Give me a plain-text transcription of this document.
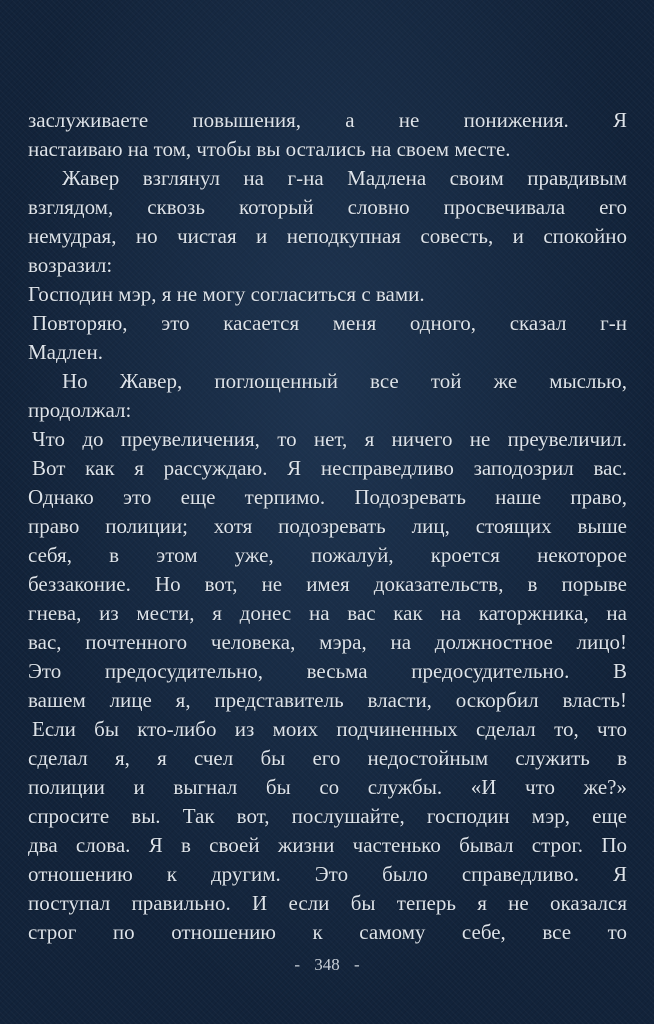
заслуживаете повышения, а не понижения. Я
настаиваю на том, чтобы вы остались на своем месте.
Жавер взглянул на г-на Мадлена своим правдивым
взглядом, сквозь который словно просвечивала его
немудрая, но чистая и неподкупная совесть, и спокойно
возразил:
Господин мэр, я не могу согласиться с вами.
Повторяю, это касается меня одного, сказал г-н
Мадлен.
Но Жавер, поглощенный все той же мыслью,
продолжал:
Что до преувеличения, то нет, я ничего не преувеличил.
Вот как я рассуждаю. Я несправедливо заподозрил вас.
Однако это еще терпимо. Подозревать наше право,
право полиции; хотя подозревать лиц, стоящих выше
себя, в этом уже, пожалуй, кроется некоторое
беззаконие. Но вот, не имея доказательств, в порыве
гнева, из мести, я донес на вас как на каторжника, на
вас, почтенного человека, мэра, на должностное лицо!
Это предосудительно, весьма предосудительно. В
вашем лице я, представитель власти, оскорбил власть!
Если бы кто-либо из моих подчиненных сделал то, что
сделал я, я счел бы его недостойным служить в
полиции и выгнал бы со службы. «И что же?»
спросите вы. Так вот, послушайте, господин мэр, еще
два слова. Я в своей жизни частенько бывал строг. По
отношению к другим. Это было справедливо. Я
поступал правильно. И если бы теперь я не оказался
строг по отношению к самому себе, все то
- 348 -
